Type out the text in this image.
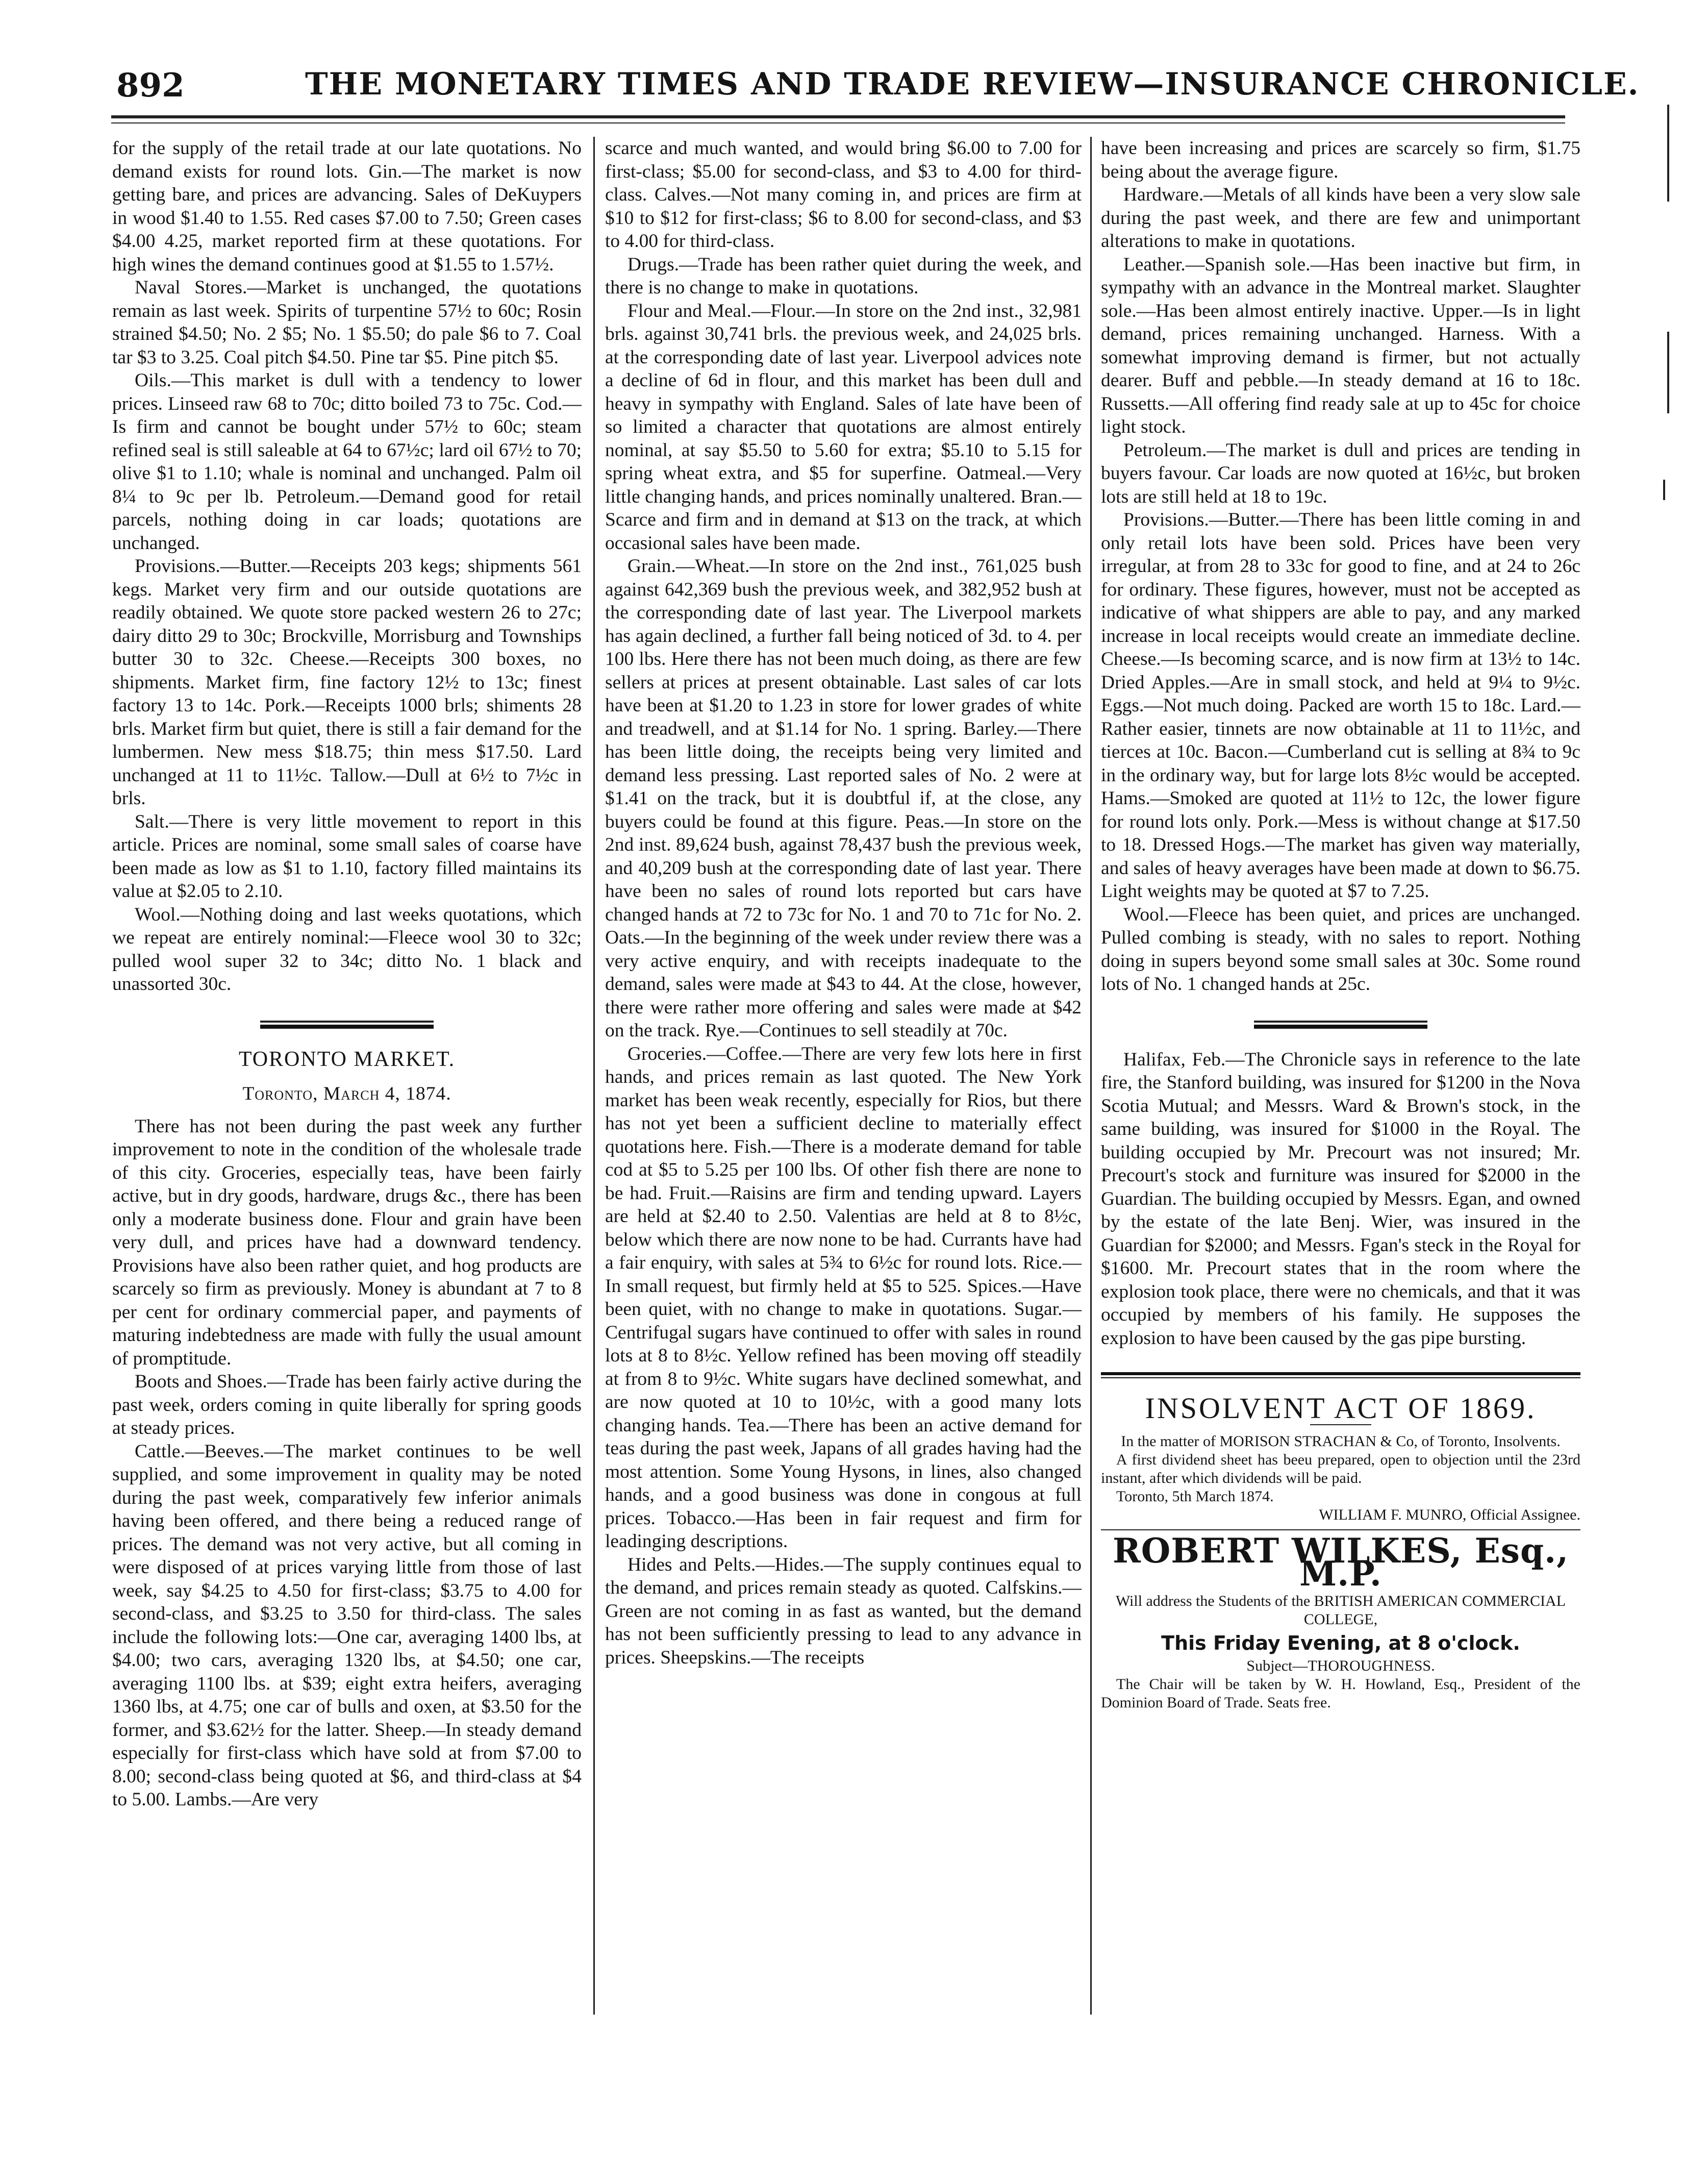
892	THE MONETARY TIMES AND TRADE REVIEW—INSURANCE CHRONICLE.

for the supply of the retail trade at our late quotations. No demand exists for round lots. Gin.—The market is now getting bare, and prices are advancing. Sales of DeKuypers in wood $1.40 to 1.55. Red cases $7.00 to 7.50; Green cases $4.00 4.25, market reported firm at these quotations. For high wines the demand continues good at $1.55 to 1.57½.

Naval Stores.—Market is unchanged, the quotations remain as last week. Spirits of turpentine 57½ to 60c; Rosin strained $4.50; No. 2 $5; No. 1 $5.50; do pale $6 to 7. Coal tar $3 to 3.25. Coal pitch $4.50. Pine tar $5. Pine pitch $5.

Oils.—This market is dull with a tendency to lower prices. Linseed raw 68 to 70c; ditto boiled 73 to 75c. Cod.—Is firm and cannot be bought under 57½ to 60c; steam refined seal is still saleable at 64 to 67½c; lard oil 67½ to 70; olive $1 to 1.10; whale is nominal and unchanged. Palm oil 8¼ to 9c per lb. Petroleum.—Demand good for retail parcels, nothing doing in car loads; quotations are unchanged.

Provisions.—Butter.—Receipts 203 kegs; shipments 561 kegs. Market very firm and our outside quotations are readily obtained. We quote store packed western 26 to 27c; dairy ditto 29 to 30c; Brockville, Morrisburg and Townships butter 30 to 32c. Cheese.—Receipts 300 boxes, no shipments. Market firm, fine factory 12½ to 13c; finest factory 13 to 14c. Pork.—Receipts 1000 brls; shiments 28 brls. Market firm but quiet, there is still a fair demand for the lumbermen. New mess $18.75; thin mess $17.50. Lard unchanged at 11 to 11½c. Tallow.—Dull at 6½ to 7½c in brls.

Salt.—There is very little movement to report in this article. Prices are nominal, some small sales of coarse have been made as low as $1 to 1.10, factory filled maintains its value at $2.05 to 2.10.

Wool.—Nothing doing and last weeks quotations, which we repeat are entirely nominal:—Fleece wool 30 to 32c; pulled wool super 32 to 34c; ditto No. 1 black and unassorted 30c.

TORONTO MARKET.
Toronto, March 4, 1874.

There has not been during the past week any further improvement to note in the condition of the wholesale trade of this city. Groceries, especially teas, have been fairly active, but in dry goods, hardware, drugs &c., there has been only a moderate business done. Flour and grain have been very dull, and prices have had a downward tendency. Provisions have also been rather quiet, and hog products are scarcely so firm as previously. Money is abundant at 7 to 8 per cent for ordinary commercial paper, and payments of maturing indebtedness are made with fully the usual amount of promptitude.

Boots and Shoes.—Trade has been fairly active during the past week, orders coming in quite liberally for spring goods at steady prices.

Cattle.—Beeves.—The market continues to be well supplied, and some improvement in quality may be noted during the past week, comparatively few inferior animals having been offered, and there being a reduced range of prices. The demand was not very active, but all coming in were disposed of at prices varying little from those of last week, say $4.25 to 4.50 for first-class; $3.75 to 4.00 for second-class, and $3.25 to 3.50 for third-class. The sales include the following lots:—One car, averaging 1400 lbs, at $4.00; two cars, averaging 1320 lbs, at $4.50; one car, averaging 1100 lbs. at $39; eight extra heifers, averaging 1360 lbs, at 4.75; one car of bulls and oxen, at $3.50 for the former, and $3.62½ for the latter. Sheep.—In steady demand especially for first-class which have sold at from $7.00 to 8.00; second-class being quoted at $6, and third-class at $4 to 5.00. Lambs.—Are very

scarce and much wanted, and would bring $6.00 to 7.00 for first-class; $5.00 for second-class, and $3 to 4.00 for third-class. Calves.—Not many coming in, and prices are firm at $10 to $12 for first-class; $6 to 8.00 for second-class, and $3 to 4.00 for third-class.

Drugs.—Trade has been rather quiet during the week, and there is no change to make in quotations.

Flour and Meal.—Flour.—In store on the 2nd inst., 32,981 brls. against 30,741 brls. the previous week, and 24,025 brls. at the corresponding date of last year. Liverpool advices note a decline of 6d in flour, and this market has been dull and heavy in sympathy with England. Sales of late have been of so limited a character that quotations are almost entirely nominal, at say $5.50 to 5.60 for extra; $5.10 to 5.15 for spring wheat extra, and $5 for superfine. Oatmeal.—Very little changing hands, and prices nominally unaltered. Bran.—Scarce and firm and in demand at $13 on the track, at which occasional sales have been made.

Grain.—Wheat.—In store on the 2nd inst., 761,025 bush against 642,369 bush the previous week, and 382,952 bush at the corresponding date of last year. The Liverpool markets has again declined, a further fall being noticed of 3d. to 4. per 100 lbs. Here there has not been much doing, as there are few sellers at prices at present obtainable. Last sales of car lots have been at $1.20 to 1.23 in store for lower grades of white and treadwell, and at $1.14 for No. 1 spring. Barley.—There has been little doing, the receipts being very limited and demand less pressing. Last reported sales of No. 2 were at $1.41 on the track, but it is doubtful if, at the close, any buyers could be found at this figure. Peas.—In store on the 2nd inst. 89,624 bush, against 78,437 bush the previous week, and 40,209 bush at the corresponding date of last year. There have been no sales of round lots reported but cars have changed hands at 72 to 73c for No. 1 and 70 to 71c for No. 2. Oats.—In the beginning of the week under review there was a very active enquiry, and with receipts inadequate to the demand, sales were made at $43 to 44. At the close, however, there were rather more offering and sales were made at $42 on the track. Rye.—Continues to sell steadily at 70c.

Groceries.—Coffee.—There are very few lots here in first hands, and prices remain as last quoted. The New York market has been weak recently, especially for Rios, but there has not yet been a sufficient decline to materially effect quotations here. Fish.—There is a moderate demand for table cod at $5 to 5.25 per 100 lbs. Of other fish there are none to be had. Fruit.—Raisins are firm and tending upward. Layers are held at $2.40 to 2.50. Valentias are held at 8 to 8½c, below which there are now none to be had. Currants have had a fair enquiry, with sales at 5¾ to 6½c for round lots. Rice.—In small request, but firmly held at $5 to 525. Spices.—Have been quiet, with no change to make in quotations. Sugar.—Centrifugal sugars have continued to offer with sales in round lots at 8 to 8½c. Yellow refined has been moving off steadily at from 8 to 9½c. White sugars have declined somewhat, and are now quoted at 10 to 10½c, with a good many lots changing hands. Tea.—There has been an active demand for teas during the past week, Japans of all grades having had the most attention. Some Young Hysons, in lines, also changed hands, and a good business was done in congous at full prices. Tobacco.—Has been in fair request and firm for leadinging descriptions.

Hides and Pelts.—Hides.—The supply continues equal to the demand, and prices remain steady as quoted. Calfskins.—Green are not coming in as fast as wanted, but the demand has not been sufficiently pressing to lead to any advance in prices. Sheepskins.—The receipts

have been increasing and prices are scarcely so firm, $1.75 being about the average figure.

Hardware.—Metals of all kinds have been a very slow sale during the past week, and there are few and unimportant alterations to make in quotations.

Leather.—Spanish sole.—Has been inactive but firm, in sympathy with an advance in the Montreal market. Slaughter sole.—Has been almost entirely inactive. Upper.—Is in light demand, prices remaining unchanged. Harness. With a somewhat improving demand is firmer, but not actually dearer. Buff and pebble.—In steady demand at 16 to 18c. Russetts.—All offering find ready sale at up to 45c for choice light stock.

Petroleum.—The market is dull and prices are tending in buyers favour. Car loads are now quoted at 16½c, but broken lots are still held at 18 to 19c.

Provisions.—Butter.—There has been little coming in and only retail lots have been sold. Prices have been very irregular, at from 28 to 33c for good to fine, and at 24 to 26c for ordinary. These figures, however, must not be accepted as indicative of what shippers are able to pay, and any marked increase in local receipts would create an immediate decline. Cheese.—Is becoming scarce, and is now firm at 13½ to 14c. Dried Apples.—Are in small stock, and held at 9¼ to 9½c. Eggs.—Not much doing. Packed are worth 15 to 18c. Lard.—Rather easier, tinnets are now obtainable at 11 to 11½c, and tierces at 10c. Bacon.—Cumberland cut is selling at 8¾ to 9c in the ordinary way, but for large lots 8½c would be accepted. Hams.—Smoked are quoted at 11½ to 12c, the lower figure for round lots only. Pork.—Mess is without change at $17.50 to 18. Dressed Hogs.—The market has given way materially, and sales of heavy averages have been made at down to $6.75. Light weights may be quoted at $7 to 7.25.

Wool.—Fleece has been quiet, and prices are unchanged. Pulled combing is steady, with no sales to report. Nothing doing in supers beyond some small sales at 30c. Some round lots of No. 1 changed hands at 25c.

Halifax, Feb.—The Chronicle says in reference to the late fire, the Stanford building, was insured for $1200 in the Nova Scotia Mutual; and Messrs. Ward & Brown's stock, in the same building, was insured for $1000 in the Royal. The building occupied by Mr. Precourt was not insured; Mr. Precourt's stock and furniture was insured for $2000 in the Guardian. The building occupied by Messrs. Egan, and owned by the estate of the late Benj. Wier, was insured in the Guardian for $2000; and Messrs. Fgan's steck in the Royal for $1600. Mr. Precourt states that in the room where the explosion took place, there were no chemicals, and that it was occupied by members of his family. He supposes the explosion to have been caused by the gas pipe bursting.

INSOLVENT ACT OF 1869.

In the matter of MORISON STRACHAN & Co, of Toronto, Insolvents.

A first dividend sheet has beeu prepared, open to objection until the 23rd instant, after which dividends will be paid.

Toronto, 5th March 1874.

WILLIAM F. MUNRO, Official Assignee.

ROBERT WILKES, Esq., M.P.

Will address the Students of the BRITISH AMERICAN COMMERCIAL COLLEGE,

This Friday Evening, at 8 o'clock.

Subject—THOROUGHNESS.

The Chair will be taken by W. H. Howland, Esq., President of the Dominion Board of Trade. Seats free.
